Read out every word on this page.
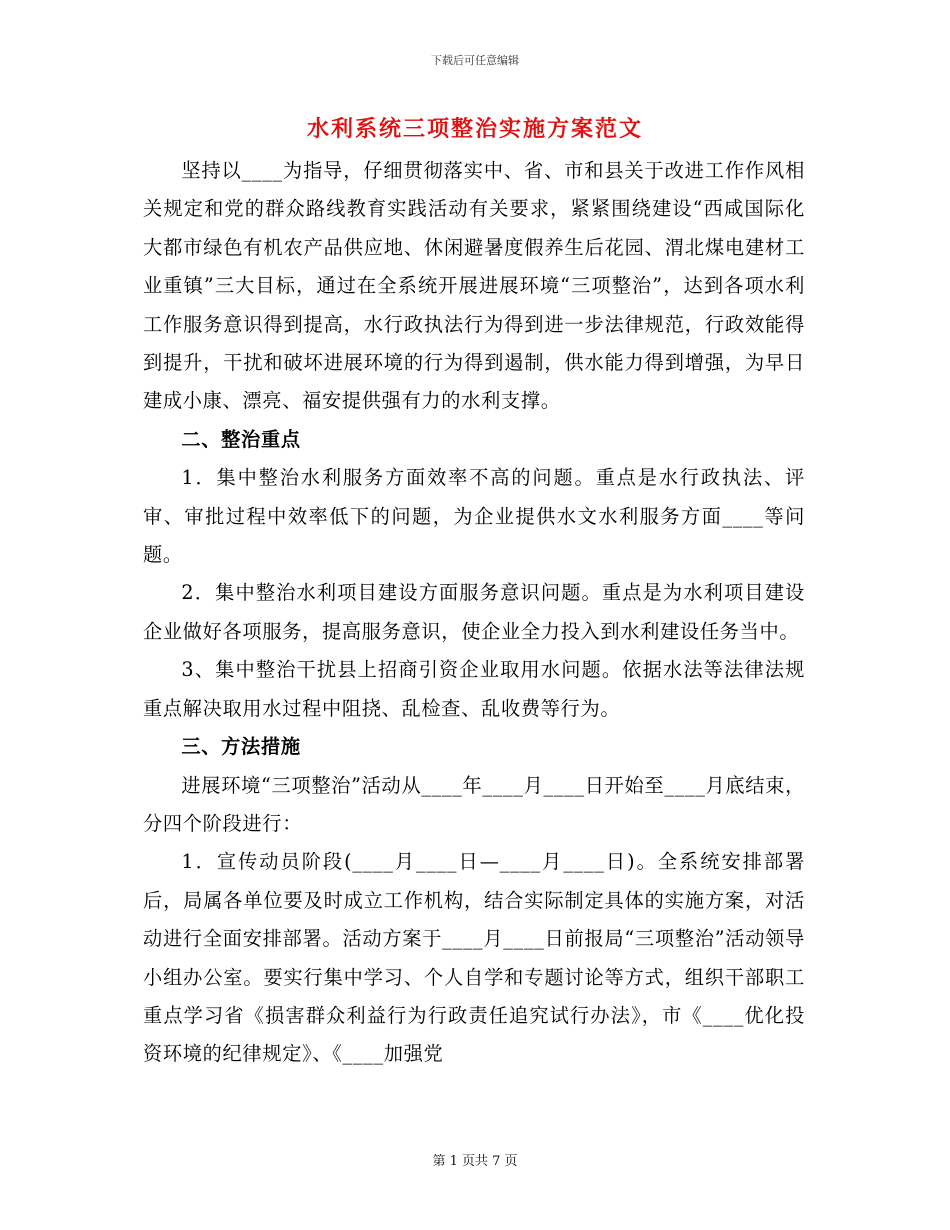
下载后可任意编辑
水利系统三项整治实施方案范文

坚持以____为指导，仔细贯彻落实中、省、市和县关于改进工作作风相关规定和党的群众路线教育实践活动有关要求，紧紧围绕建设“西咸国际化大都市绿色有机农产品供应地、休闲避暑度假养生后花园、渭北煤电建材工业重镇”三大目标，通过在全系统开展进展环境“三项整治”，达到各项水利工作服务意识得到提高，水行政执法行为得到进一步法律规范，行政效能得到提升，干扰和破坏进展环境的行为得到遏制，供水能力得到增强，为早日建成小康、漂亮、福安提供强有力的水利支撑。

二、整治重点

1．集中整治水利服务方面效率不高的问题。重点是水行政执法、评审、审批过程中效率低下的问题，为企业提供水文水利服务方面____等问题。

2．集中整治水利项目建设方面服务意识问题。重点是为水利项目建设企业做好各项服务，提高服务意识，使企业全力投入到水利建设任务当中。

3、集中整治干扰县上招商引资企业取用水问题。依据水法等法律法规重点解决取用水过程中阻挠、乱检查、乱收费等行为。

三、方法措施

进展环境“三项整治”活动从____年____月____日开始至____月底结束，分四个阶段进行：

1．宣传动员阶段(____月____日—____月____日)。全系统安排部署后，局属各单位要及时成立工作机构，结合实际制定具体的实施方案，对活动进行全面安排部署。活动方案于____月____日前报局“三项整治”活动领导小组办公室。要实行集中学习、个人自学和专题讨论等方式，组织干部职工重点学习省《损害群众利益行为行政责任追究试行办法》，市《____优化投资环境的纪律规定》、《____加强党

第 1 页共 7 页
